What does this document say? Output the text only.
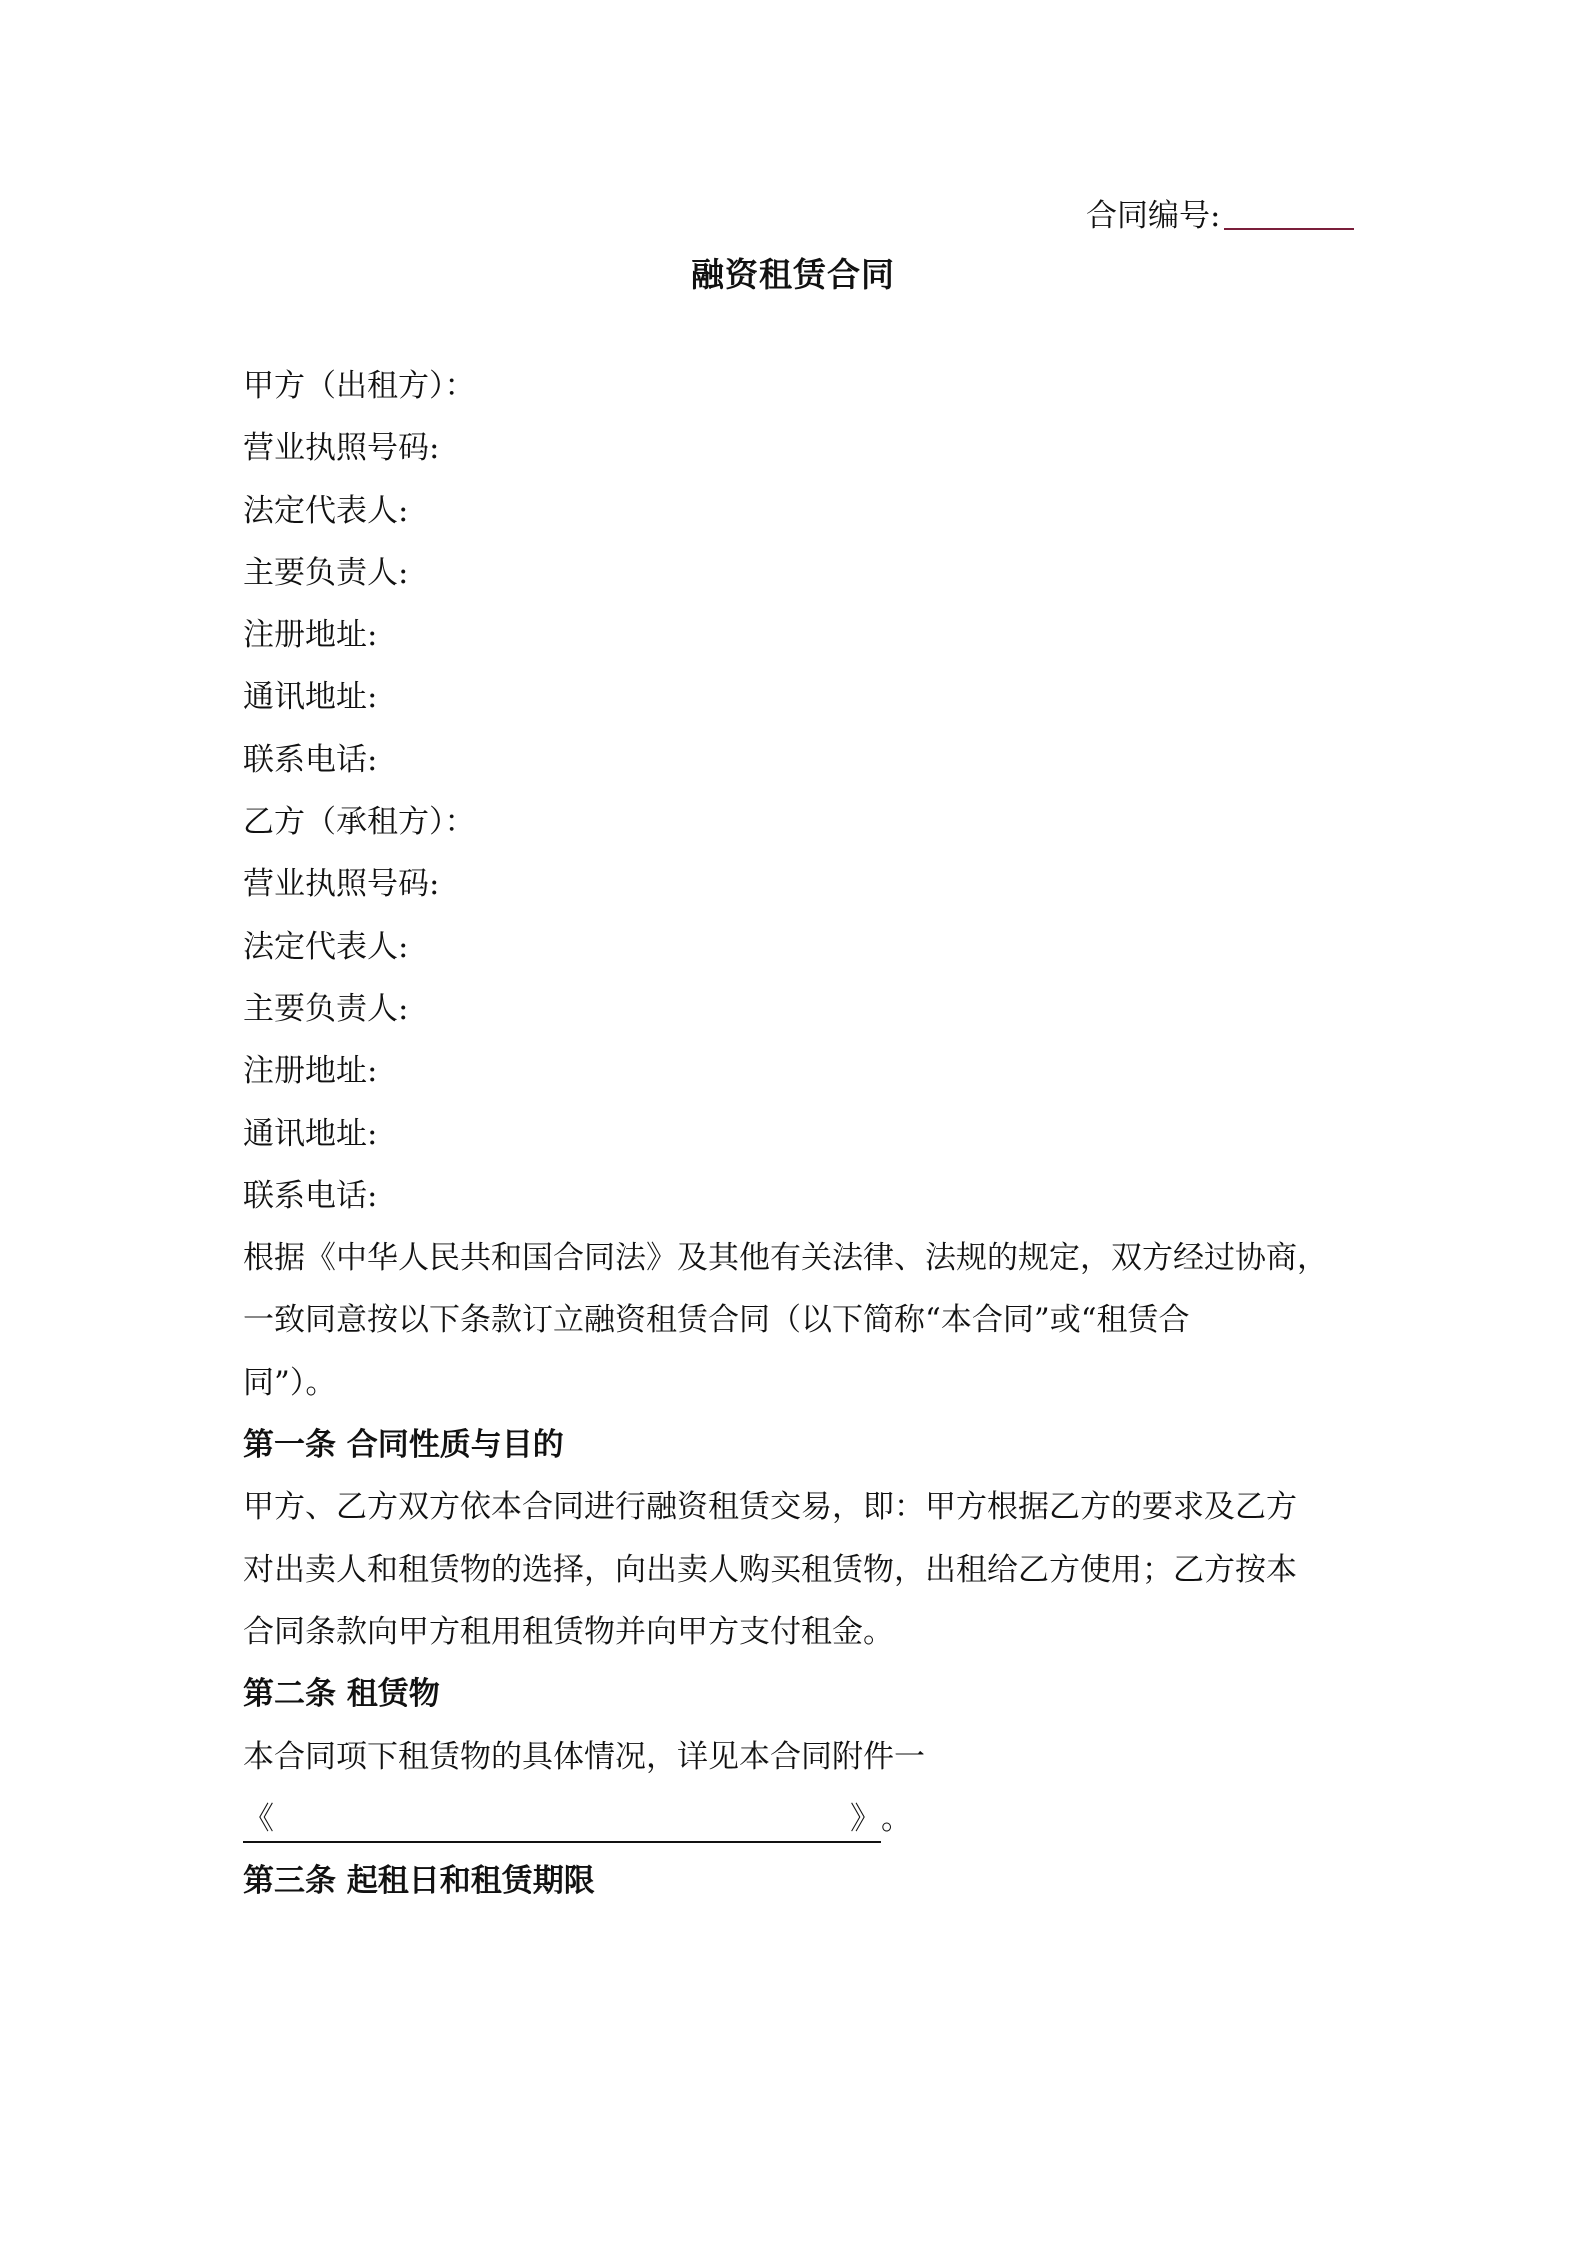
合同编号:
融资租赁合同
甲方（出租方）：
营业执照号码:
法定代表人:
主要负责人:
注册地址:
通讯地址:
联系电话:
乙方（承租方）：
营业执照号码:
法定代表人:
主要负责人:
注册地址:
通讯地址:
联系电话:
根据《中华人民共和国合同法》及其他有关法律、法规的规定，双方经过协商，
一致同意按以下条款订立融资租赁合同（以下简称“本合同”或“租赁合
同”）。
第一条 合同性质与目的
甲方、乙方双方依本合同进行融资租赁交易，即：甲方根据乙方的要求及乙方
对出卖人和租赁物的选择，向出卖人购买租赁物，出租给乙方使用；乙方按本
合同条款向甲方租用租赁物并向甲方支付租金。
第二条 租赁物
本合同项下租赁物的具体情况，详见本合同附件一
《	》。
第三条 起租日和租赁期限
